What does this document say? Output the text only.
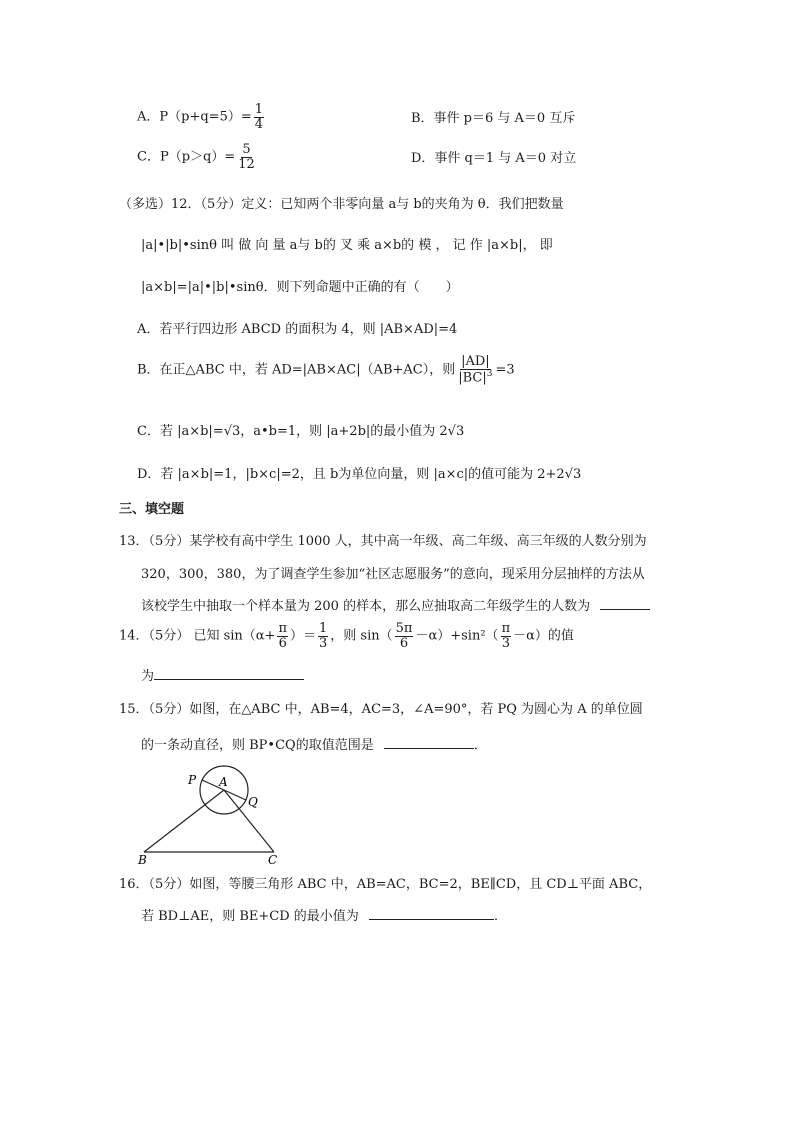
A．$P(p+q=5)= \frac{1}{4}$	B．事件 p＝6 与 A＝0 互斥
C．$P(p>q)= \frac{5}{12}$	D．事件 q＝1 与 A＝0 对立
（多选）12．（5分）定义：已知两个非零向量 a与 b的夹角为 θ．我们把数量
|a|•|b|•sinθ 叫 做 向 量 a与 b的 叉 乘 a×b的 模 ， 记 作 |a×b|， 即
|a×b|=|a|•|b|•sinθ．则下列命题中正确的有（　　）
A．若平行四边形 ABCD 的面积为 4，则 |AB×AD|=4
B．在正△ABC 中，若 AD=|AB×AC|（AB+AC），则 $\frac{|AD|}{|BC|^3} =3$
C．若 |a×b|=√3，a•b=1，则 |a+2b|的最小值为 2√3
D．若 |a×b|=1，|b×c|=2，且 b为单位向量，则 |a×c|的值可能为 2+2√3
三、填空题
13．（5分）某学校有高中学生 1000 人，其中高一年级、高二年级、高三年级的人数分别为
320，300，380，为了调查学生参加“社区志愿服务”的意向，现采用分层抽样的方法从
该校学生中抽取一个样本量为 200 的样本，那么应抽取高二年级学生的人数为
14．（5分） 已知 $\sin(\alpha+ \frac{\pi}{6}$ ）＝ $\frac{1}{3}$ ，则 $\sin( \frac{5\pi}{6} -\alpha)+\sin^2( \frac{\pi}{3} -\alpha)$的值
为
15．（5分）如图，在△ABC 中，AB=4，AC=3，∠A=90°，若 PQ 为圆心为 A 的单位圆
的一条动直径，则 BP•CQ的取值范围是	．
P A
Q
B	C
16．（5分）如图，等腰三角形 ABC 中，AB=AC，BC=2，BE∥CD，且 CD⊥平面 ABC，
若 BD⊥AE，则 BE+CD 的最小值为	．
